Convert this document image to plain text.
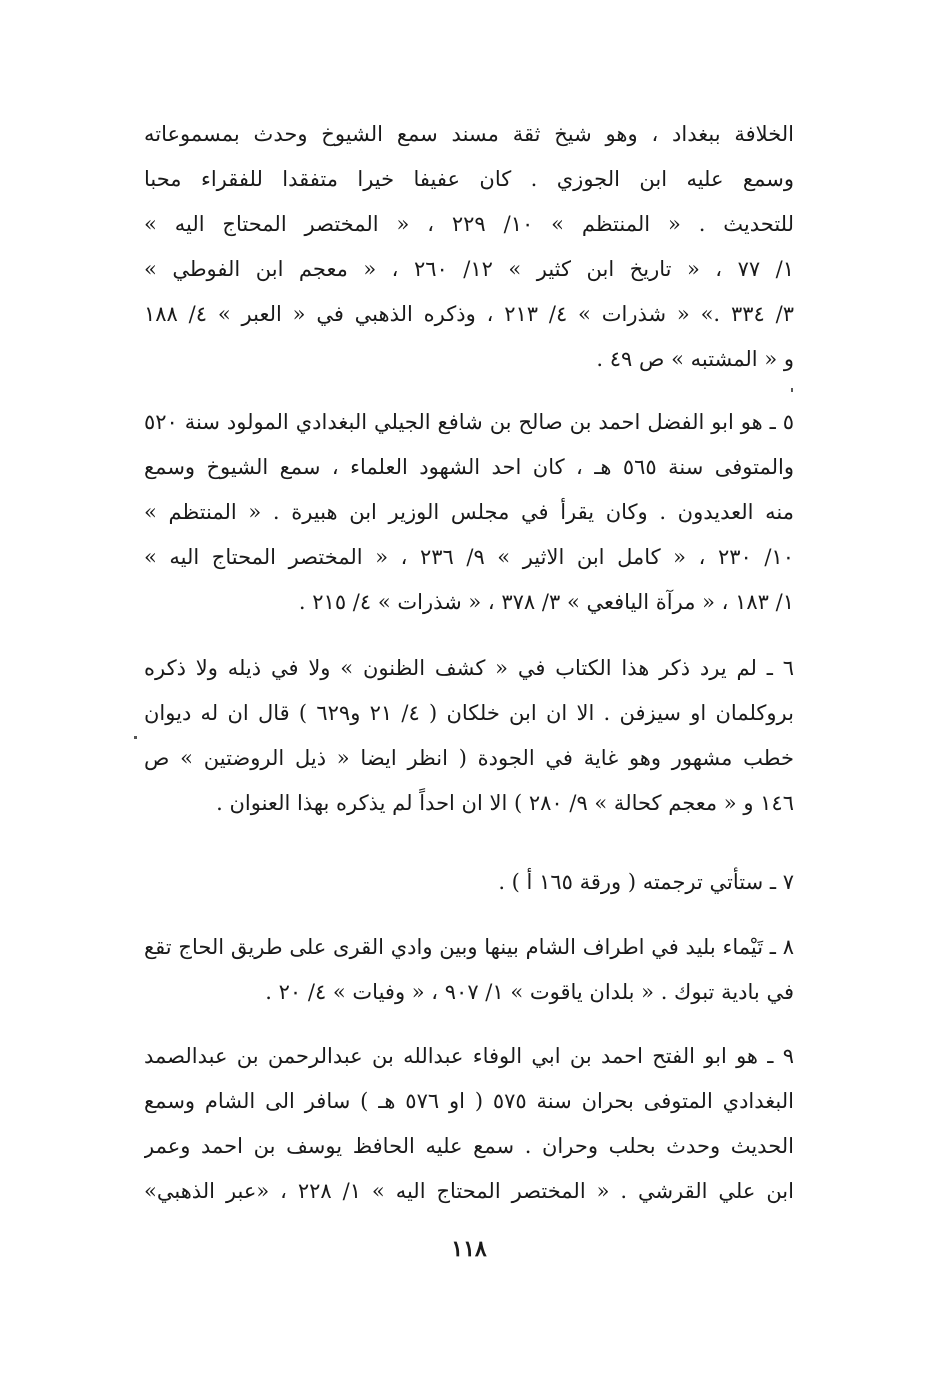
الخلافة ببغداد ، وهو شيخ ثقة مسند سمع الشيوخ وحدث بمسموعاته
وسمع عليه ابن الجوزي . كان عفيفا خيرا متفقدا للفقراء محبا
للتحديث . « المنتظم » ١٠/ ٢٢٩ ، « المختصر المحتاج اليه »
١/ ٧٧ ، « تاريخ ابن كثير » ١٢/ ٢٦٠ ، « معجم ابن الفوطي »
٣/ ٣٣٤ .» « شذرات » ٤/ ٢١٣ ، وذكره الذهبي في « العبر » ٤/ ١٨٨
و « المشتبه » ص ٤٩ .
٥ ـ هو ابو الفضل احمد بن صالح بن شافع الجيلي البغدادي المولود سنة ٥٢٠
والمتوفى سنة ٥٦٥ هـ ، كان احد الشهود العلماء ، سمع الشيوخ وسمع
منه العديدون . وكان يقرأ في مجلس الوزير ابن هبيرة . « المنتظم »
١٠/ ٢٣٠ ، « كامل ابن الاثير » ٩/ ٢٣٦ ، « المختصر المحتاج اليه »
١/ ١٨٣ ، « مرآة اليافعي » ٣/ ٣٧٨ ، « شذرات » ٤/ ٢١٥ .
٦ ـ لم يرد ذكر هذا الكتاب في « كشف الظنون » ولا في ذيله ولا ذكره
بروكلمان او سيزفن . الا ان ابن خلكان ( ٤/ ٢١ و٦٢٩ ) قال ان له ديوان
خطب مشهور وهو غاية في الجودة ( انظر ايضا « ذيل الروضتين » ص
١٤٦ و « معجم كحالة » ٩/ ٢٨٠ ) الا ان احداً لم يذكره بهذا العنوان .
٧ ـ ستأتي ترجمته ( ورقة ١٦٥ أ ) .
٨ ـ تَيْماء بليد في اطراف الشام بينها وبين وادي القرى على طريق الحاج تقع
في بادية تبوك . « بلدان ياقوت » ١/ ٩٠٧ ، « وفيات » ٤/ ٢٠ .
٩ ـ هو ابو الفتح احمد بن ابي الوفاء عبدالله بن عبدالرحمن بن عبدالصمد
البغدادي المتوفى بحران سنة ٥٧٥ ( او ٥٧٦ هـ ) سافر الى الشام وسمع
الحديث وحدث بحلب وحران . سمع عليه الحافظ يوسف بن احمد وعمر
ابن علي القرشي . « المختصر المحتاج اليه » ١/ ٢٢٨ ، «عبر الذهبي»
١١٨
